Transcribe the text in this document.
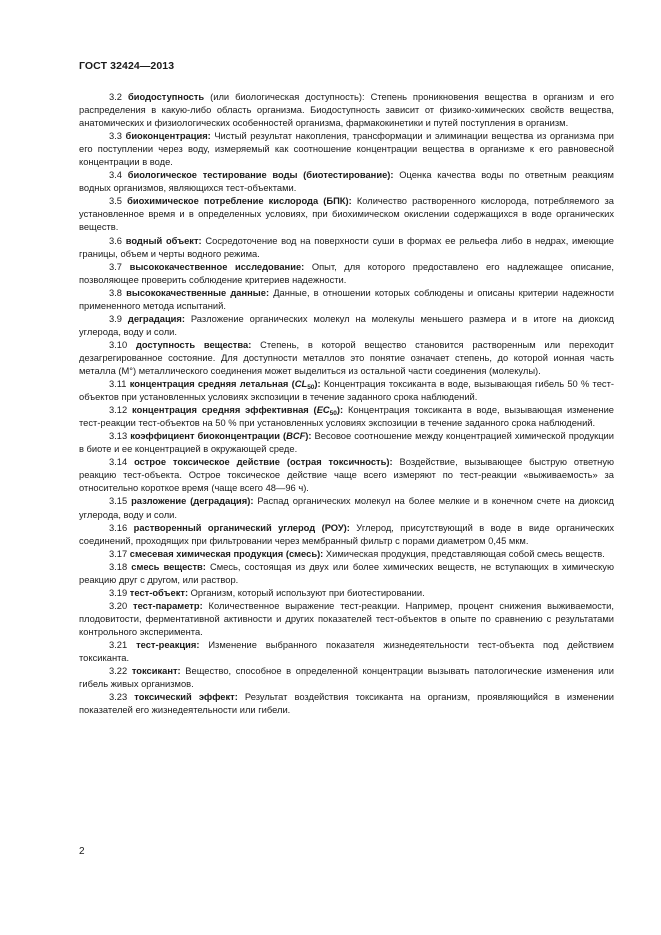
ГОСТ 32424—2013

3.2 биодоступность (или биологическая доступность): Степень проникновения вещества в организм и его распределения в какую-либо область организма. Биодоступность зависит от физико-химических свойств вещества, анатомических и физиологических особенностей организма, фармакокинетики и путей поступления в организм.

3.3 биоконцентрация: Чистый результат накопления, трансформации и элиминации вещества из организма при его поступлении через воду, измеряемый как соотношение концентрации вещества в организме к его равновесной концентрации в воде.

3.4 биологическое тестирование воды (биотестирование): Оценка качества воды по ответным реакциям водных организмов, являющихся тест-объектами.

3.5 биохимическое потребление кислорода (БПК): Количество растворенного кислорода, потребляемого за установленное время и в определенных условиях, при биохимическом окислении содержащихся в воде органических веществ.

3.6 водный объект: Сосредоточение вод на поверхности суши в формах ее рельефа либо в недрах, имеющие границы, объем и черты водного режима.

3.7 высококачественное исследование: Опыт, для которого предоставлено его надлежащее описание, позволяющее проверить соблюдение критериев надежности.

3.8 высококачественные данные: Данные, в отношении которых соблюдены и описаны критерии надежности примененного метода испытаний.

3.9 деградация: Разложение органических молекул на молекулы меньшего размера и в итоге на диоксид углерода, воду и соли.

3.10 доступность вещества: Степень, в которой вещество становится растворенным или переходит дезагрегированное состояние. Для доступности металлов это понятие означает степень, до которой ионная часть металла (М°) металлического соединения может выделиться из остальной части соединения (молекулы).

3.11 концентрация средняя летальная $(CL_{50})$: Концентрация токсиканта в воде, вызывающая гибель 50 % тест-объектов при установленных условиях экспозиции в течение заданного срока наблюдений.

3.12 концентрация средняя эффективная $(EC_{50})$: Концентрация токсиканта в воде, вызывающая изменение тест-реакции тест-объектов на 50 % при установленных условиях экспозиции в течение заданного срока наблюдений.

3.13 коэффициент биоконцентрации (BCF): Весовое соотношение между концентрацией химической продукции в биоте и ее концентрацией в окружающей среде.

3.14 острое токсическое действие (острая токсичность): Воздействие, вызывающее быструю ответную реакцию тест-объекта. Острое токсическое действие чаще всего измеряют по тест-реакции «выживаемость» за относительно короткое время (чаще всего 48—96 ч).

3.15 разложение (деградация): Распад органических молекул на более мелкие и в конечном счете на диоксид углерода, воду и соли.

3.16 растворенный органический углерод (РОУ): Углерод, присутствующий в воде в виде органических соединений, проходящих при фильтровании через мембранный фильтр с порами диаметром 0,45 мкм.

3.17 смесевая химическая продукция (смесь): Химическая продукция, представляющая собой смесь веществ.

3.18 смесь веществ: Смесь, состоящая из двух или более химических веществ, не вступающих в химическую реакцию друг с другом, или раствор.

3.19 тест-объект: Организм, который используют при биотестировании.

3.20 тест-параметр: Количественное выражение тест-реакции. Например, процент снижения выживаемости, плодовитости, ферментативной активности и других показателей тест-объектов в опыте по сравнению с результатами контрольного эксперимента.

3.21 тест-реакция: Изменение выбранного показателя жизнедеятельности тест-объекта под действием токсиканта.

3.22 токсикант: Вещество, способное в определенной концентрации вызывать патологические изменения или гибель живых организмов.

3.23 токсический эффект: Результат воздействия токсиканта на организм, проявляющийся в изменении показателей его жизнедеятельности или гибели.

2
